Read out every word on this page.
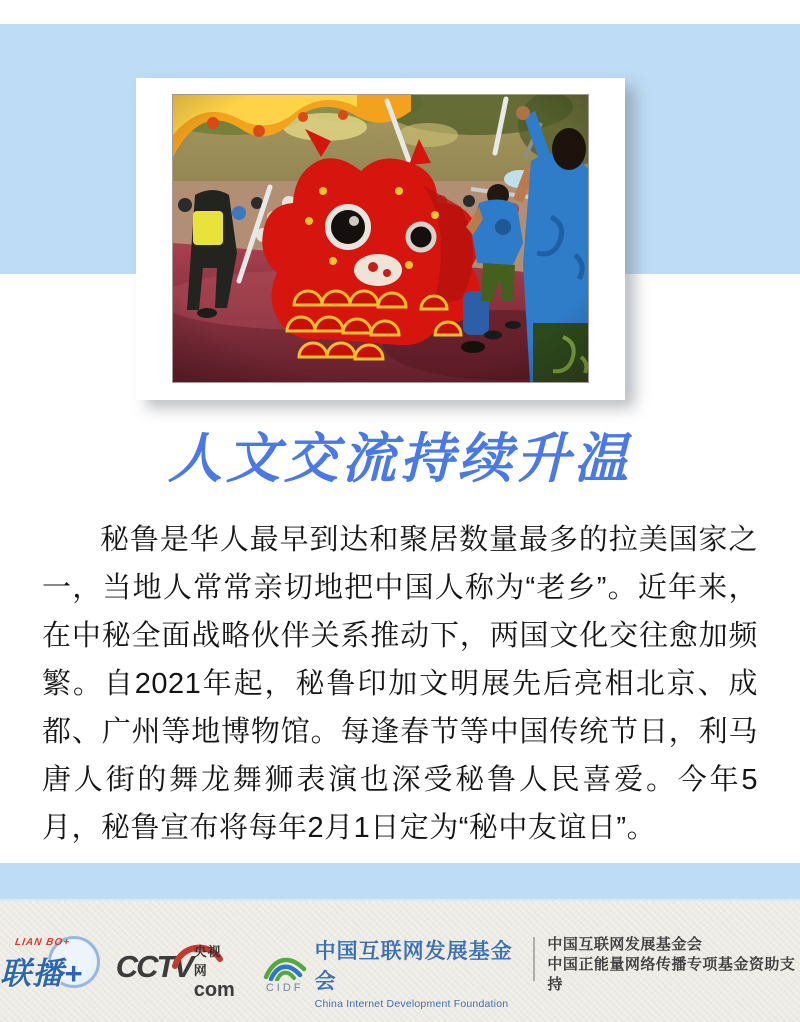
人文交流持续升温

秘鲁是华人最早到达和聚居数量最多的拉美国家之一，当地人常常亲切地把中国人称为“老乡”。近年来，在中秘全面战略伙伴关系推动下，两国文化交往愈加频繁。自2021年起，秘鲁印加文明展先后亮相北京、成都、广州等地博物馆。每逢春节等中国传统节日，利马唐人街的舞龙舞狮表演也深受秘鲁人民喜爱。今年5月，秘鲁宣布将每年2月1日定为“秘中友谊日”。

LIAN BO+
联播+ CCTV 央视网
com	CIDF
中国互联网发展基金会
China Internet Development Foundation
中国互联网发展基金会
中国正能量网络传播专项基金资助支持
